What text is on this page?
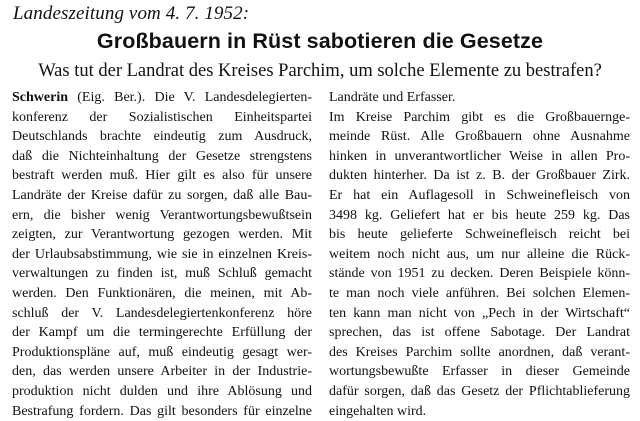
Landeszeitung vom 4. 7. 1952:
Großbauern in Rüst sabotieren die Gesetze
Was tut der Landrat des Kreises Parchim, um solche Elemente zu bestrafen?
Schwerin (Eig. Ber.). Die V. Landesdelegierten-
konferenz der Sozialistischen Einheitspartei
Deutschlands brachte eindeutig zum Ausdruck,
daß die Nichteinhaltung der Gesetze strengstens
bestraft werden muß. Hier gilt es also für unsere
Landräte der Kreise dafür zu sorgen, daß alle Bau-
ern, die bisher wenig Verantwortungsbewußtsein
zeigten, zur Verantwortung gezogen werden. Mit
der Urlaubsabstimmung, wie sie in einzelnen Kreis-
verwaltungen zu finden ist, muß Schluß gemacht
werden. Den Funktionären, die meinen, mit Ab-
schluß der V. Landesdelegiertenkonferenz höre
der Kampf um die termingerechte Erfüllung der
Produktionspläne auf, muß eindeutig gesagt wer-
den, das werden unsere Arbeiter in der Industrie-
produktion nicht dulden und ihre Ablösung und
Bestrafung fordern. Das gilt besonders für einzelne
Landräte und Erfasser.
Im Kreise Parchim gibt es die Großbauernge-
meinde Rüst. Alle Großbauern ohne Ausnahme
hinken in unverantwortlicher Weise in allen Pro-
dukten hinterher. Da ist z. B. der Großbauer Zirk.
Er hat ein Auflagesoll in Schweinefleisch von
3498 kg. Geliefert hat er bis heute 259 kg. Das
bis heute gelieferte Schweinefleisch reicht bei
weitem noch nicht aus, um nur alleine die Rück-
stände von 1951 zu decken. Deren Beispiele könn-
te man noch viele anführen. Bei solchen Elemen-
ten kann man nicht von „Pech in der Wirtschaft“
sprechen, das ist offene Sabotage. Der Landrat
des Kreises Parchim sollte anordnen, daß verant-
wortungsbewußte Erfasser in dieser Gemeinde
dafür sorgen, daß das Gesetz der Pflichtablieferung
eingehalten wird.
